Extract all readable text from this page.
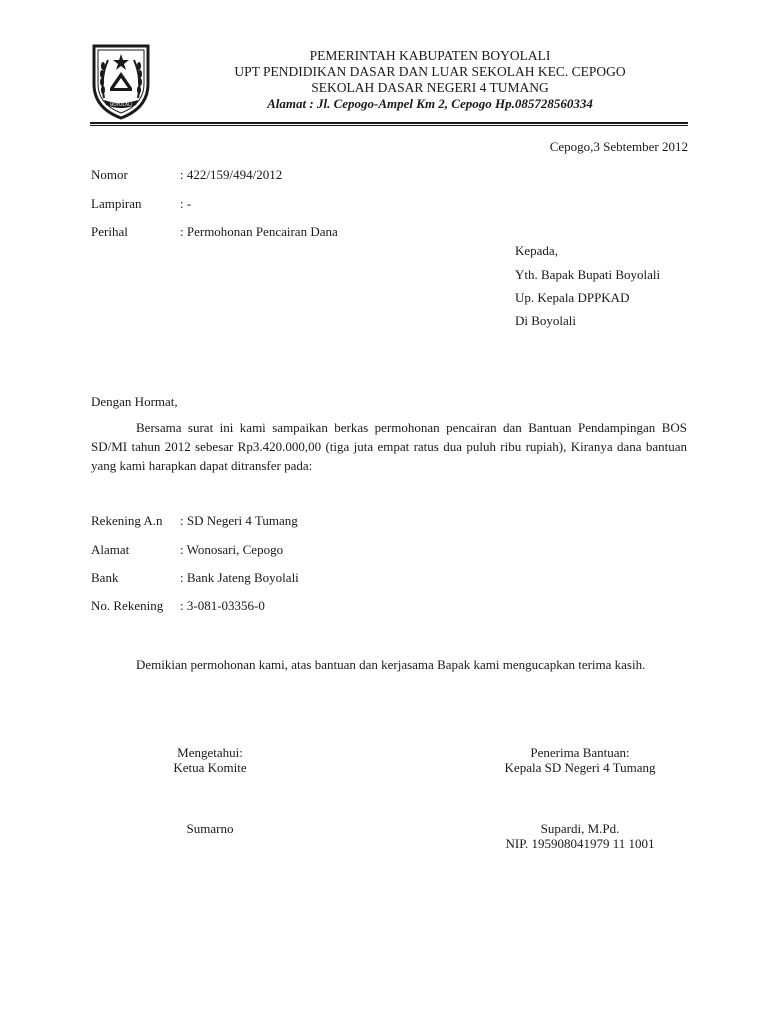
BOYOLALI
PEMERINTAH KABUPATEN BOYOLALI
UPT PENDIDIKAN DASAR DAN LUAR SEKOLAH KEC. CEPOGO
SEKOLAH DASAR NEGERI 4 TUMANG
Alamat : Jl. Cepogo-Ampel Km 2, Cepogo Hp.085728560334
Cepogo,3 Sebtember 2012
Nomor	: 422/159/494/2012
Lampiran	: -
Perihal	: Permohonan Pencairan Dana
Kepada,
Yth. Bapak Bupati Boyolali
Up. Kepala DPPKAD
Di Boyolali
Dengan Hormat,
Bersama surat ini kami sampaikan berkas permohonan pencairan dan Bantuan Pendampingan BOS SD/MI tahun 2012 sebesar Rp3.420.000,00 (tiga juta empat ratus dua puluh ribu rupiah), Kiranya dana bantuan yang kami harapkan dapat ditransfer pada:
Rekening A.n : SD Negeri 4 Tumang
Alamat	: Wonosari, Cepogo
Bank	: Bank Jateng Boyolali
No. Rekening : 3-081-03356-0
Demikian permohonan kami, atas bantuan dan kerjasama Bapak kami mengucapkan terima kasih.
Mengetahui:
Ketua Komite
Sumarno
Penerima Bantuan:
Kepala SD Negeri 4 Tumang
Supardi, M.Pd.
NIP. 195908041979 11 1001
